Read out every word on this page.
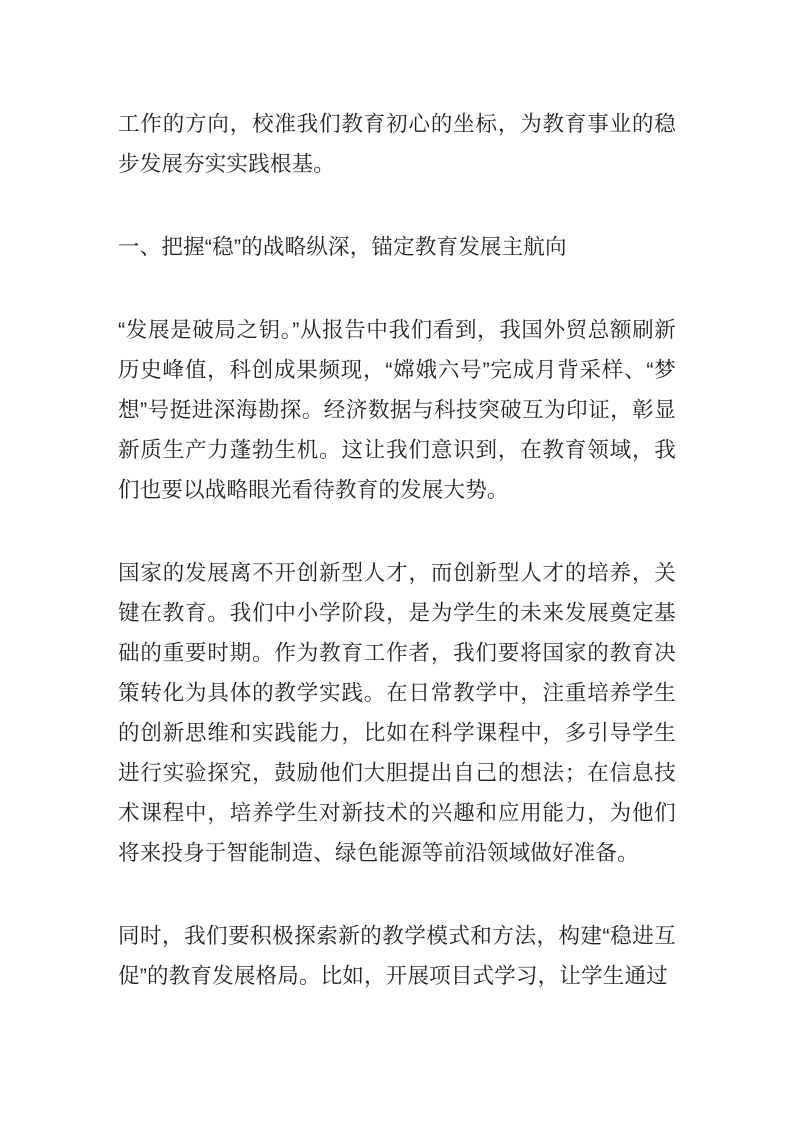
工作的方向，校准我们教育初心的坐标，为教育事业的稳步发展夯实实践根基。

一、把握“稳”的战略纵深，锚定教育发展主航向

“发展是破局之钥。”从报告中我们看到，我国外贸总额刷新历史峰值，科创成果频现，“嫦娥六号”完成月背采样、“梦想”号挺进深海勘探。经济数据与科技突破互为印证，彰显新质生产力蓬勃生机。这让我们意识到，在教育领域，我们也要以战略眼光看待教育的发展大势。

国家的发展离不开创新型人才，而创新型人才的培养，关键在教育。我们中小学阶段，是为学生的未来发展奠定基础的重要时期。作为教育工作者，我们要将国家的教育决策转化为具体的教学实践。在日常教学中，注重培养学生的创新思维和实践能力，比如在科学课程中，多引导学生进行实验探究，鼓励他们大胆提出自己的想法；在信息技术课程中，培养学生对新技术的兴趣和应用能力，为他们将来投身于智能制造、绿色能源等前沿领域做好准备。

同时，我们要积极探索新的教学模式和方法，构建“稳进互促”的教育发展格局。比如，开展项目式学习，让学生通过
